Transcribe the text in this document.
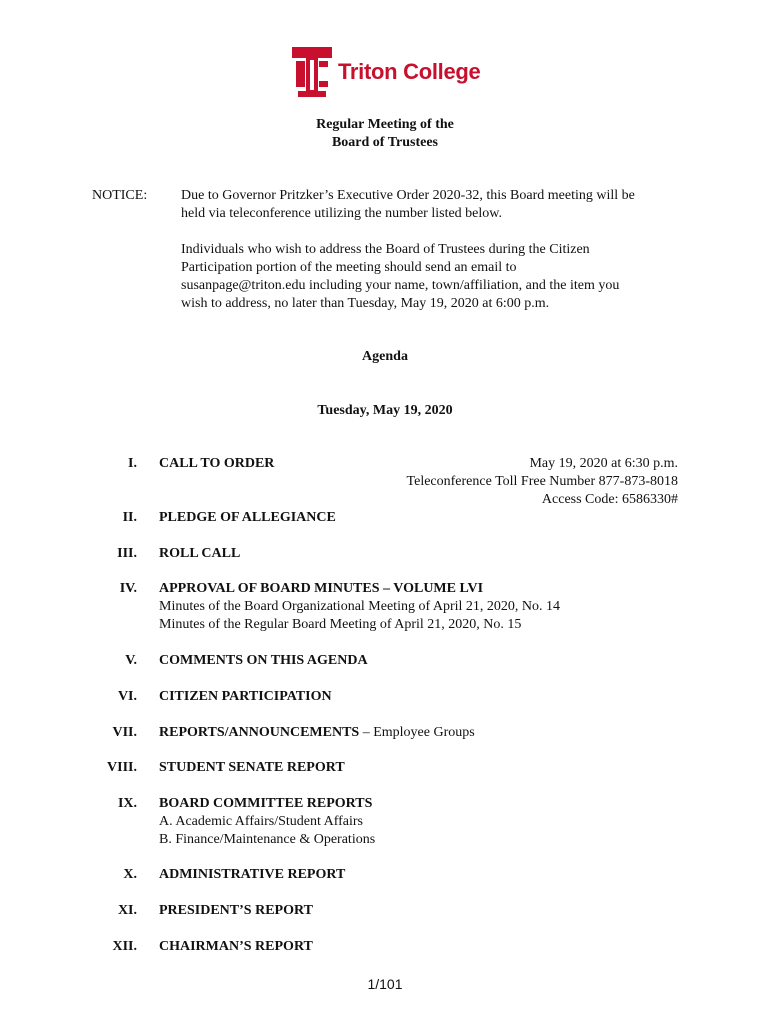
Triton College
Regular Meeting of the
Board of Trustees
NOTICE: Due to Governor Pritzker’s Executive Order 2020-32, this Board meeting will be
held via teleconference utilizing the number listed below.
Individuals who wish to address the Board of Trustees during the Citizen
Participation portion of the meeting should send an email to
susanpage@triton.edu including your name, town/affiliation, and the item you
wish to address, no later than Tuesday, May 19, 2020 at 6:00 p.m.
Agenda
Tuesday, May 19, 2020
May 19, 2020 at 6:30 p.m.
Teleconference Toll Free Number 877-873-8018
Access Code: 6586330#
I. CALL TO ORDER
II. PLEDGE OF ALLEGIANCE
III. ROLL CALL
IV. APPROVAL OF BOARD MINUTES – VOLUME LVI
Minutes of the Board Organizational Meeting of April 21, 2020, No. 14
Minutes of the Regular Board Meeting of April 21, 2020, No. 15
V. COMMENTS ON THIS AGENDA
VI. CITIZEN PARTICIPATION
VII. REPORTS/ANNOUNCEMENTS – Employee Groups
VIII. STUDENT SENATE REPORT
IX. BOARD COMMITTEE REPORTS
A. Academic Affairs/Student Affairs
B. Finance/Maintenance & Operations
X. ADMINISTRATIVE REPORT
XI. PRESIDENT’S REPORT
XII. CHAIRMAN’S REPORT
1/101
